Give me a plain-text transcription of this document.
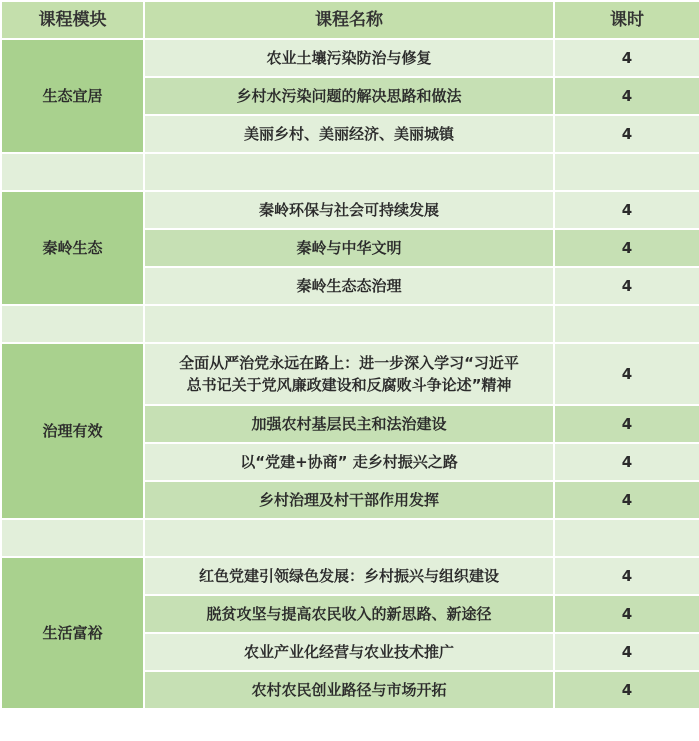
课程模块	课程名称	课时
生态宜居	农业土壤污染防治与修复	4
	乡村水污染问题的解决思路和做法	4
	美丽乡村、美丽经济、美丽城镇	4

秦岭生态	秦岭环保与社会可持续发展	4
	秦岭与中华文明	4
	秦岭生态态治理	4

治理有效	全面从严治党永远在路上：进一步深入学习“习近平
总书记关于党风廉政建设和反腐败斗争论述”精神	4
	加强农村基层民主和法治建设	4
	以“党建+协商” 走乡村振兴之路	4
	乡村治理及村干部作用发挥	4

生活富裕	红色党建引领绿色发展：乡村振兴与组织建设	4
	脱贫攻坚与提高农民收入的新思路、新途径	4
	农业产业化经营与农业技术推广	4
	农村农民创业路径与市场开拓	4
